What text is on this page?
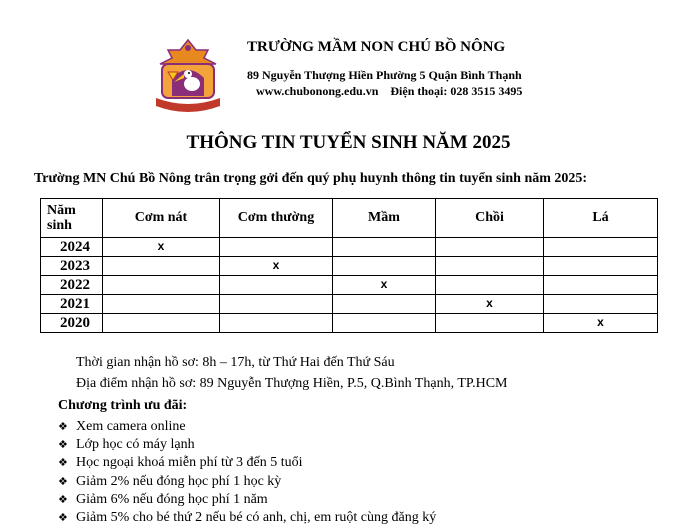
TRƯỜNG MẦM NON CHÚ BỒ NÔNG
89 Nguyễn Thượng Hiền Phường 5 Quận Bình Thạnh
www.chubonong.edu.vn Điện thoại: 028 3515 3495
THÔNG TIN TUYỂN SINH NĂM 2025
Trường MN Chú Bồ Nông trân trọng gởi đến quý phụ huynh thông tin tuyển sinh năm 2025:
Năm
sinh	Cơm nát	Cơm thường	Mầm	Chồi	Lá
2024	x				
2023		x			
2022			x		
2021				x	
2020					x
Thời gian nhận hồ sơ: 8h – 17h, từ Thứ Hai đến Thứ Sáu
Địa điểm nhận hồ sơ: 89 Nguyễn Thượng Hiền, P.5, Q.Bình Thạnh, TP.HCM
Chương trình ưu đãi:
❖ Xem camera online
❖ Lớp học có máy lạnh
❖ Học ngoại khoá miễn phí từ 3 đến 5 tuổi
❖ Giảm 2% nếu đóng học phí 1 học kỳ
❖ Giảm 6% nếu đóng học phí 1 năm
❖ Giảm 5% cho bé thứ 2 nếu bé có anh, chị, em ruột cùng đăng ký
